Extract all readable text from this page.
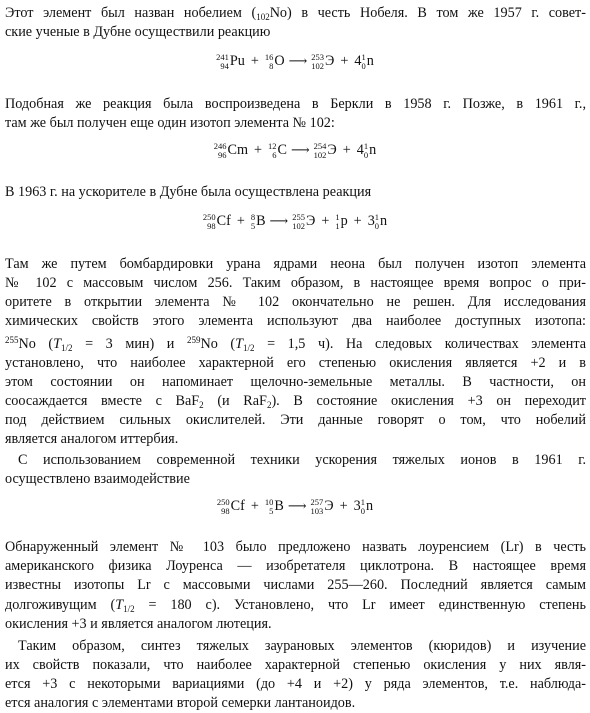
Этот элемент был назван нобелием $(_{102}No)$ в честь Нобеля. В том же 1957 г. совет-
ские ученые в Дубне осуществили реакцию
241
94 Pu + 16
8 O ⟶ 253
102 Э + 4 1
0 n
Подобная же реакция была воспроизведена в Беркли в 1958 г. Позже, в 1961 г.,
там же был получен еще один изотоп элемента № 102:
246
96 Cm + 12
6 C ⟶ 254
102 Э + 4 1
0 n
В 1963 г. на ускорителе в Дубне была осуществлена реакция
250
98 Cf + 8
5 B ⟶ 255
102 Э + 1
1 p + 3 1
0 n
Там же путем бомбардировки урана ядрами неона был получен изотоп элемента
№ 102 с массовым числом 256. Таким образом, в настоящее время вопрос о при-
оритете в открытии элемента № 102 окончательно не решен. Для исследования
химических свойств этого элемента используют два наиболее доступных изотопа:
$^{255}$No ($T_{1/2} = 3$ мин) и $^{259}$No ($T_{1/2} = 1,5$ ч). На следовых количествах элемента
установлено, что наиболее характерной его степенью окисления является +2 и в
этом состоянии он напоминает щелочно-земельные металлы. В частности, он
соосаждается вместе с BaF$_2$ (и RaF$_2$). В состояние окисления +3 он переходит
под действием сильных окислителей. Эти данные говорят о том, что нобелий
является аналогом иттербия.
С использованием современной техники ускорения тяжелых ионов в 1961 г.
осуществлено взаимодействие
250
98 Cf + 10
5 B ⟶ 257
103 Э + 3 1
0 n
Обнаруженный элемент № 103 было предложено назвать лоуренсием (Lr) в честь
американского физика Лоуренса — изобретателя циклотрона. В настоящее время
известны изотопы Lr с массовыми числами 255—260. Последний является самым
долгоживущим ($T_{1/2} = 180$ с). Установлено, что Lr имеет единственную степень
окисления +3 и является аналогом лютеция.
Таким образом, синтез тяжелых заурановых элементов (кюридов) и изучение
их свойств показали, что наиболее характерной степенью окисления у них явля-
ется +3 с некоторыми вариациями (до +4 и +2) у ряда элементов, т.е. наблюда-
ется аналогия с элементами второй семерки лантаноидов.
